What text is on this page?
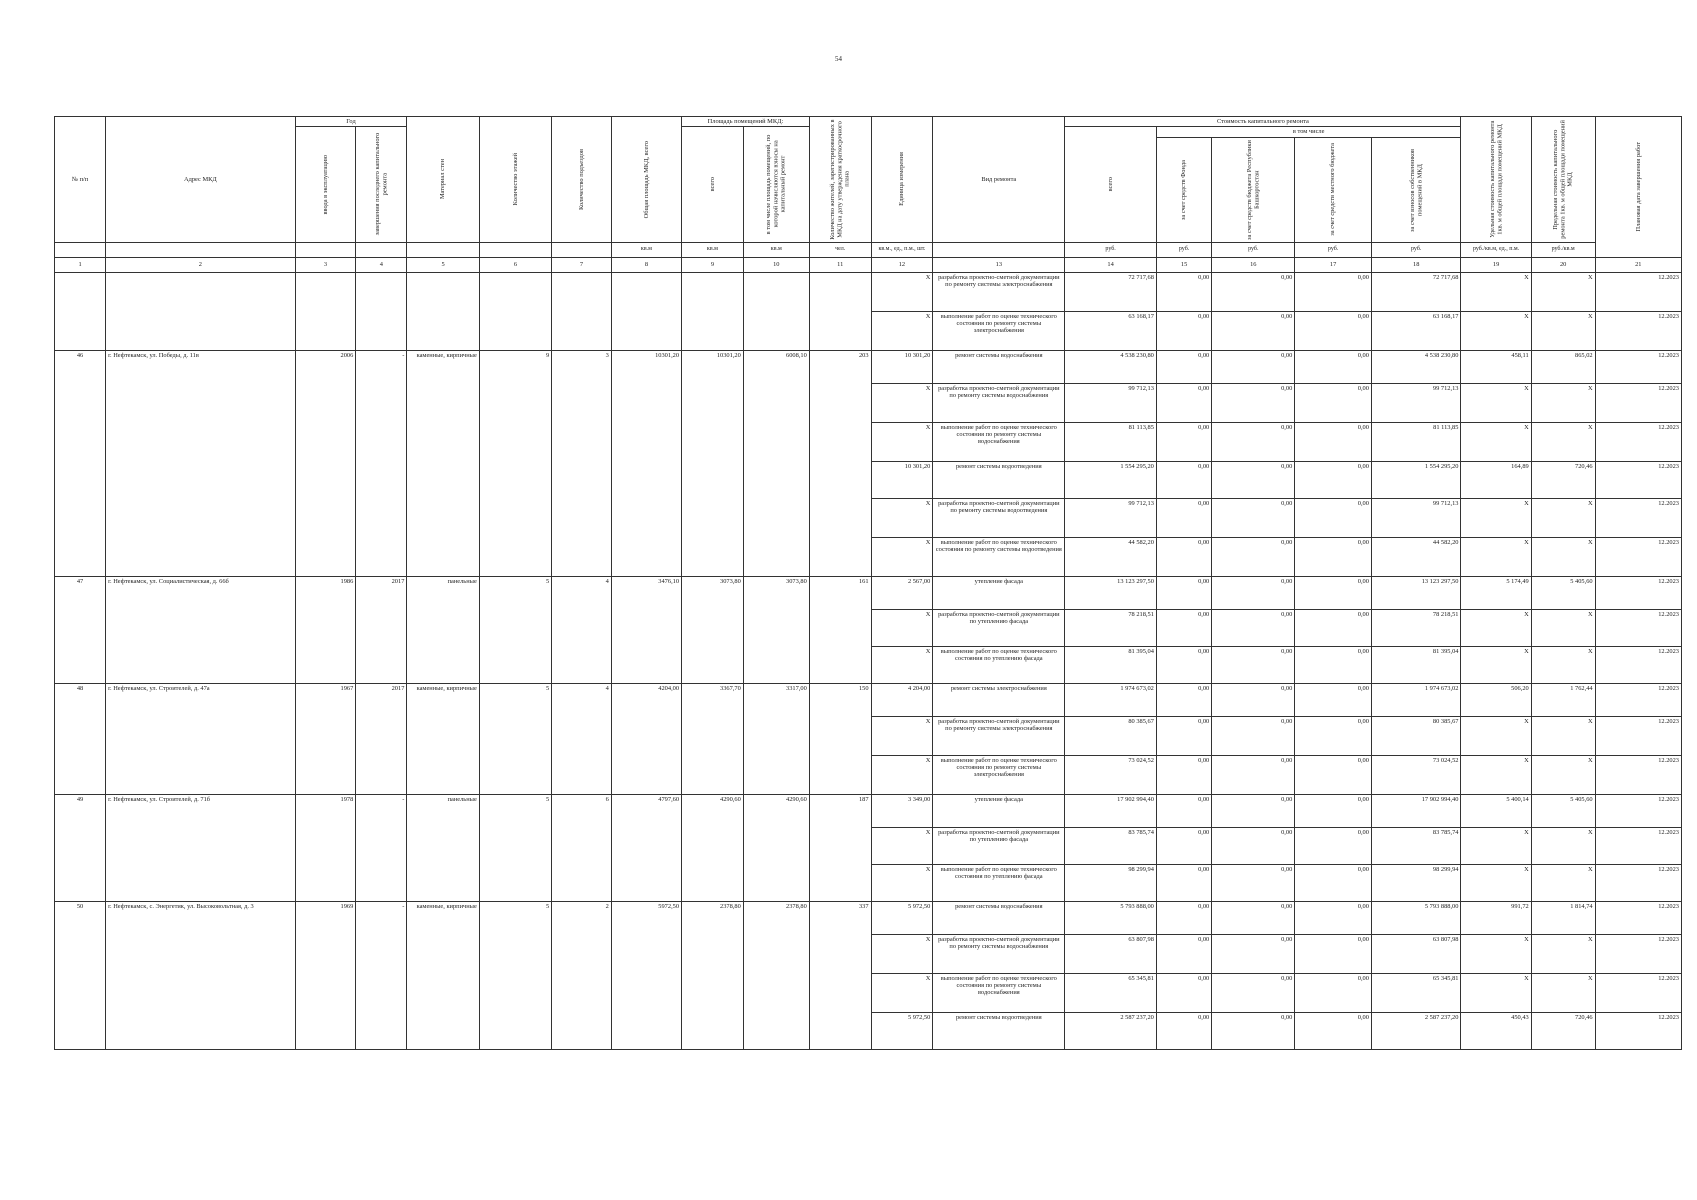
54
№ п/п	Адрес МКД	Год		Материал стен	Количество этажей	Количество подъездов	Общая площадь МКД, всего	Площадь помещений МКД:		Количество жителей, зарегистрированных в МКД на дату утверждения краткосрочного плана	Единица измерения	Вид ремонта	Стоимость капитального ремонта					Удельная стоимость капитального ремонта 1кв. м общей площади помещений МКД	Предельная стоимость капитального ремонта 1кв. м общей площади помещений МКД	Плановая дата завершения работ

		ввода в эксплуатацию	завершения последнего капитального ремонта					всего	в том числе площадь помещений, по которой начисляются взносы на капитальный ремонт				всего	в том числе						

														за счет средств Фонда	за счет средств бюджета Республики Башкортостан	за счет средств местного бюджета	за счет взносов собственников помещений в МКД			

							кв.м	кв.м	кв.м	чел.	кв.м., ед., п.м., шт.		руб.	руб.	руб.	руб.	руб.	руб./кв.м, ед., п.м.	руб./кв.м	
1	2	3	4	5	6	7	8	9	10	11	12	13	14	15	16	17	18	19	20	21
											X	разработка проектно-сметной документации по ремонту системы электроснабжения	72 717,68	0,00	0,00	0,00	72 717,68	X	X	12.2023
											X	выполнение работ по оценке технического состояния по ремонту системы электроснабжения	63 168,17	0,00	0,00	0,00	63 168,17	X	X	12.2023
46	г. Нефтекамск, ул. Победы, д. 11в	2006	-	каменные, кирпичные	9	3	10301,20	10301,20	6008,10	203	10 301,20	ремонт системы водоснабжения	4 538 230,80	0,00	0,00	0,00	4 538 230,80	458,11	865,02	12.2023
											X	разработка проектно-сметной документации по ремонту системы водоснабжения	99 712,13	0,00	0,00	0,00	99 712,13	X	X	12.2023
											X	выполнение работ по оценке технического состояния по ремонту системы водоснабжения	81 113,85	0,00	0,00	0,00	81 113,85	X	X	12.2023
											10 301,20	ремонт системы водоотведения	1 554 295,20	0,00	0,00	0,00	1 554 295,20	164,89	720,46	12.2023
											X	разработка проектно-сметной документации по ремонту системы водоотведения	99 712,13	0,00	0,00	0,00	99 712,13	X	X	12.2023
											X	выполнение работ по оценке технического состояния по ремонту системы водоотведения	44 582,20	0,00	0,00	0,00	44 582,20	X	X	12.2023
47	г. Нефтекамск, ул. Социалистическая, д. 66б	1986	2017	панельные	5	4	3476,10	3073,80	3073,80	161	2 567,00	утепление фасада	13 123 297,50	0,00	0,00	0,00	13 123 297,50	5 174,49	5 405,60	12.2023
											X	разработка проектно-сметной документации по утеплению фасада	78 218,51	0,00	0,00	0,00	78 218,51	X	X	12.2023
											X	выполнение работ по оценке технического состояния по утеплению фасада	81 395,04	0,00	0,00	0,00	81 395,04	X	X	12.2023
48	г. Нефтекамск, ул. Строителей, д. 47а	1967	2017	каменные, кирпичные	5	4	4204,00	3367,70	3317,00	150	4 204,00	ремонт системы электроснабжения	1 974 673,02	0,00	0,00	0,00	1 974 673,02	506,20	1 762,44	12.2023
											X	разработка проектно-сметной документации по ремонту системы электроснабжения	80 385,67	0,00	0,00	0,00	80 385,67	X	X	12.2023
											X	выполнение работ по оценке технического состояния по ремонту системы электроснабжения	73 024,52	0,00	0,00	0,00	73 024,52	X	X	12.2023
49	г. Нефтекамск, ул. Строителей, д. 71б	1978	-	панельные	5	6	4797,60	4290,60	4290,60	187	3 349,00	утепление фасада	17 902 994,40	0,00	0,00	0,00	17 902 994,40	5 400,14	5 405,60	12.2023
											X	разработка проектно-сметной документации по утеплению фасада	83 785,74	0,00	0,00	0,00	83 785,74	X	X	12.2023
											X	выполнение работ по оценке технического состояния по утеплению фасада	98 299,94	0,00	0,00	0,00	98 299,94	X	X	12.2023
50	г. Нефтекамск, с. Энергетик, ул. Высоковольтная, д. 3	1969	-	каменные, кирпичные	5	2	5972,50	2378,80	2378,80	337	5 972,50	ремонт системы водоснабжения	5 793 888,00	0,00	0,00	0,00	5 793 888,00	991,72	1 814,74	12.2023
											X	разработка проектно-сметной документации по ремонту системы водоснабжения	63 807,98	0,00	0,00	0,00	63 807,98	X	X	12.2023
											X	выполнение работ по оценке технического состояния по ремонту системы водоснабжения	65 345,81	0,00	0,00	0,00	65 345,81	X	X	12.2023
											5 972,50	ремонт системы водоотведения	2 587 237,20	0,00	0,00	0,00	2 587 237,20	450,43	720,46	12.2023
